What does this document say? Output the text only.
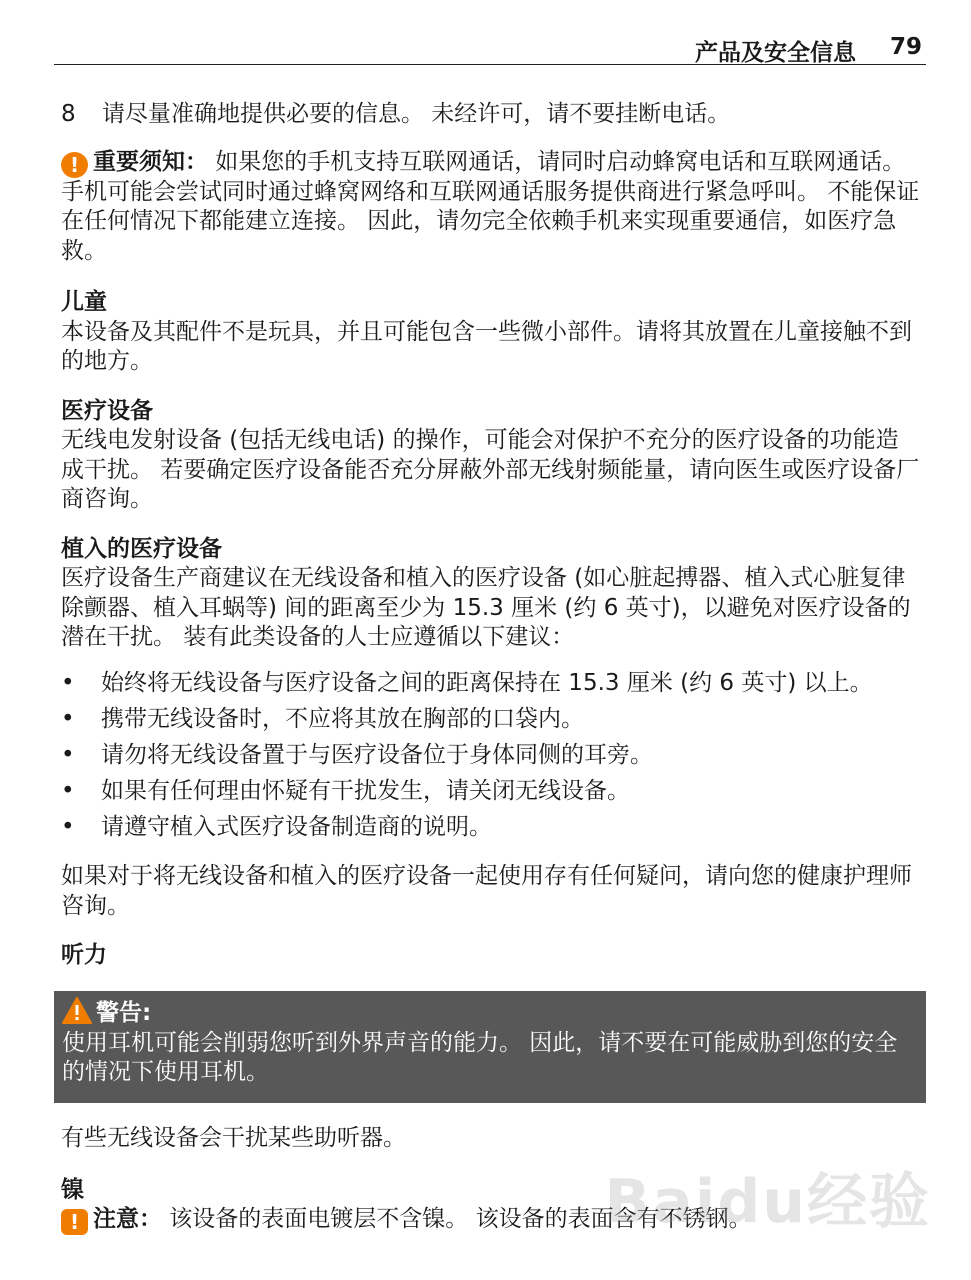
产品及安全信息 79
8	请尽量准确地提供必要的信息。 未经许可，请不要挂断电话。

! 重要须知： 如果您的手机支持互联网通话，请同时启动蜂窝电话和互联网通话。 手机可能会尝试同时通过蜂窝网络和互联网通话服务提供商进行紧急呼叫。 不能保证在任何情况下都能建立连接。 因此，请勿完全依赖手机来实现重要通信，如医疗急救。

儿童

本设备及其配件不是玩具，并且可能包含一些微小部件。请将其放置在儿童接触不到的地方。

医疗设备

无线电发射设备 (包括无线电话) 的操作，可能会对保护不充分的医疗设备的功能造成干扰。 若要确定医疗设备能否充分屏蔽外部无线射频能量，请向医生或医疗设备厂商咨询。

植入的医疗设备

医疗设备生产商建议在无线设备和植入的医疗设备 (如心脏起搏器、植入式心脏复律除颤器、植入耳蜗等) 间的距离至少为 15.3 厘米 (约 6 英寸)，以避免对医疗设备的潜在干扰。 装有此类设备的人士应遵循以下建议：

• 始终将无线设备与医疗设备之间的距离保持在 15.3 厘米 (约 6 英寸) 以上。
• 携带无线设备时，不应将其放在胸部的口袋内。
• 请勿将无线设备置于与医疗设备位于身体同侧的耳旁。
• 如果有任何理由怀疑有干扰发生，请关闭无线设备。
• 请遵守植入式医疗设备制造商的说明。

如果对于将无线设备和植入的医疗设备一起使用存有任何疑问，请向您的健康护理师咨询。

听力
警告:

使用耳机可能会削弱您听到外界声音的能力。 因此，请不要在可能威胁到您的安全的情况下使用耳机。

有些无线设备会干扰某些助听器。

镍

! 注意： 该设备的表面电镀层不含镍。 该设备的表面含有不锈钢。

Baidu经验
